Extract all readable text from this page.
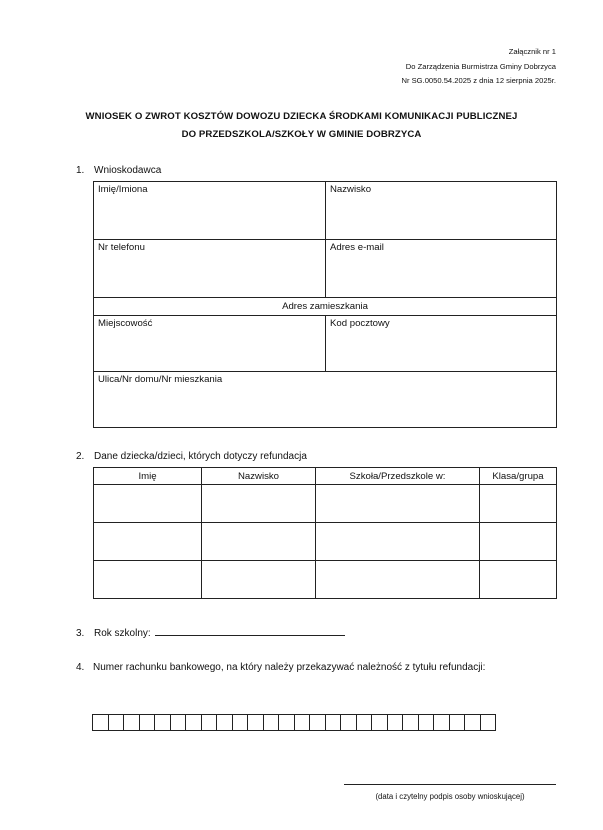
Załącznik nr 1
Do Zarządzenia Burmistrza Gminy Dobrzyca
Nr SG.0050.54.2025 z dnia 12 sierpnia 2025r.
WNIOSEK O ZWROT KOSZTÓW DOWOZU DZIECKA ŚRODKAMI KOMUNIKACJI PUBLICZNEJ
DO PRZEDSZKOLA/SZKOŁY W GMINIE DOBRZYCA
1. Wnioskodawca
Imię/Imiona	Nazwisko

Nr telefonu	Adres e-mail

Adres zamieszkania	

Miejscowość	Kod pocztowy

Ulica/Nr domu/Nr mieszkania	
2. Dane dziecka/dzieci, których dotyczy refundacja
Imię	Nazwisko	Szkoła/Przedszkole w:	Klasa/grupa

3. Rok szkolny:
4. Numer rachunku bankowego, na który należy przekazywać należność z tytułu refundacji:
(data i czytelny podpis osoby wnioskującej)
